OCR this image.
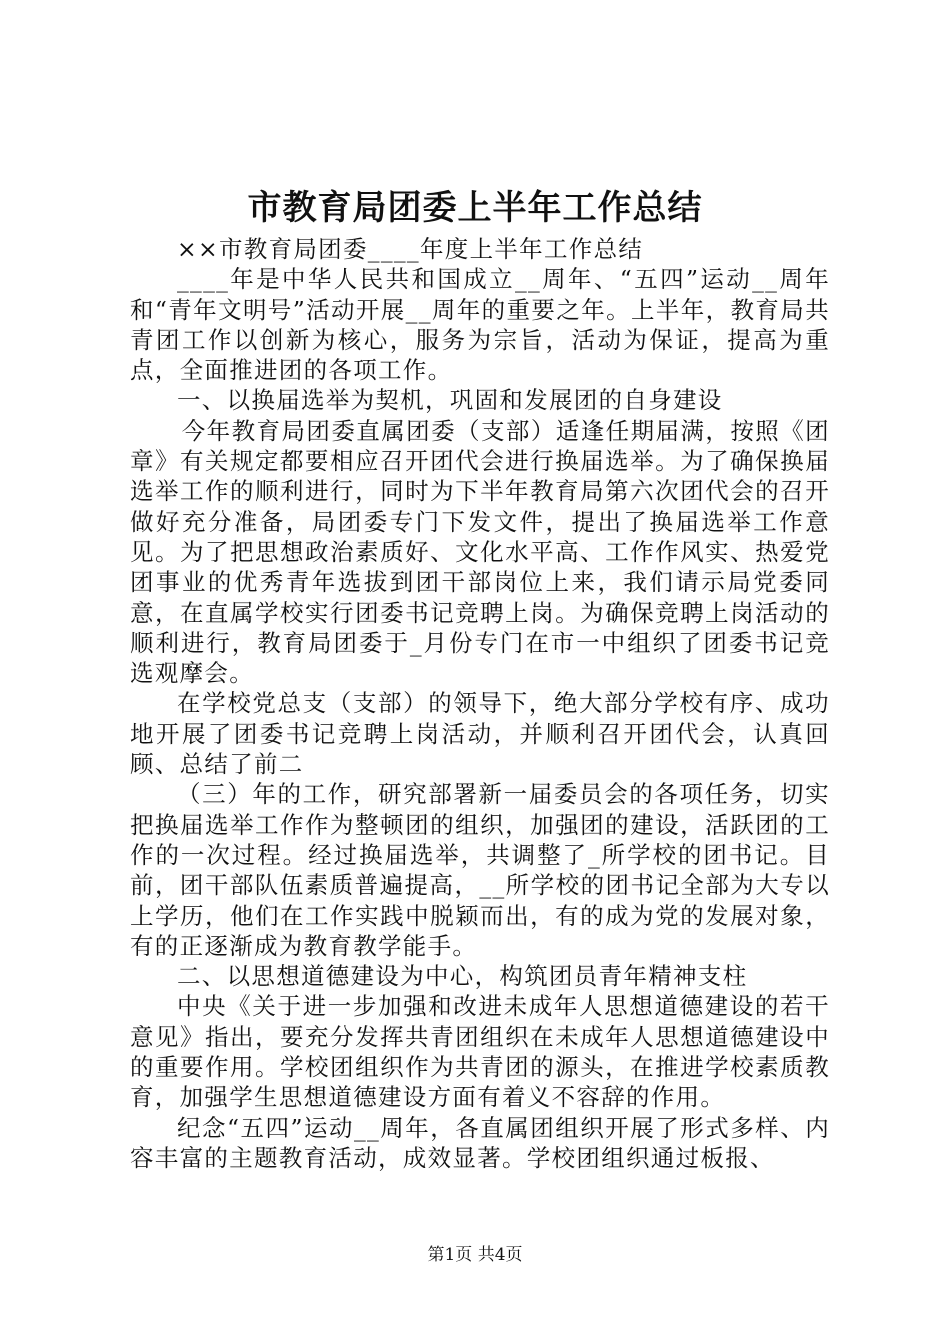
市教育局团委上半年工作总结

××市教育局团委____年度上半年工作总结

____年是中华人民共和国成立__周年、“五四”运动__周年和“青年文明号”活动开展__周年的重要之年。上半年，教育局共青团工作以创新为核心，服务为宗旨，活动为保证，提高为重点，全面推进团的各项工作。

一、以换届选举为契机，巩固和发展团的自身建设

今年教育局团委直属团委（支部）适逢任期届满，按照《团章》有关规定都要相应召开团代会进行换届选举。为了确保换届选举工作的顺利进行，同时为下半年教育局第六次团代会的召开做好充分准备，局团委专门下发文件，提出了换届选举工作意见。为了把思想政治素质好、文化水平高、工作作风实、热爱党团事业的优秀青年选拔到团干部岗位上来，我们请示局党委同意，在直属学校实行团委书记竞聘上岗。为确保竞聘上岗活动的顺利进行，教育局团委于_月份专门在市一中组织了团委书记竞选观摩会。

在学校党总支（支部）的领导下，绝大部分学校有序、成功地开展了团委书记竞聘上岗活动，并顺利召开团代会，认真回顾、总结了前二

（三）年的工作，研究部署新一届委员会的各项任务，切实把换届选举工作作为整顿团的组织，加强团的建设，活跃团的工作的一次过程。经过换届选举，共调整了_所学校的团书记。目前，团干部队伍素质普遍提高，__所学校的团书记全部为大专以上学历，他们在工作实践中脱颖而出，有的成为党的发展对象，有的正逐渐成为教育教学能手。

二、以思想道德建设为中心，构筑团员青年精神支柱

中央《关于进一步加强和改进未成年人思想道德建设的若干意见》指出，要充分发挥共青团组织在未成年人思想道德建设中的重要作用。学校团组织作为共青团的源头，在推进学校素质教育，加强学生思想道德建设方面有着义不容辞的作用。

纪念“五四”运动__周年，各直属团组织开展了形式多样、内容丰富的主题教育活动，成效显著。学校团组织通过板报、

第1页 共4页
